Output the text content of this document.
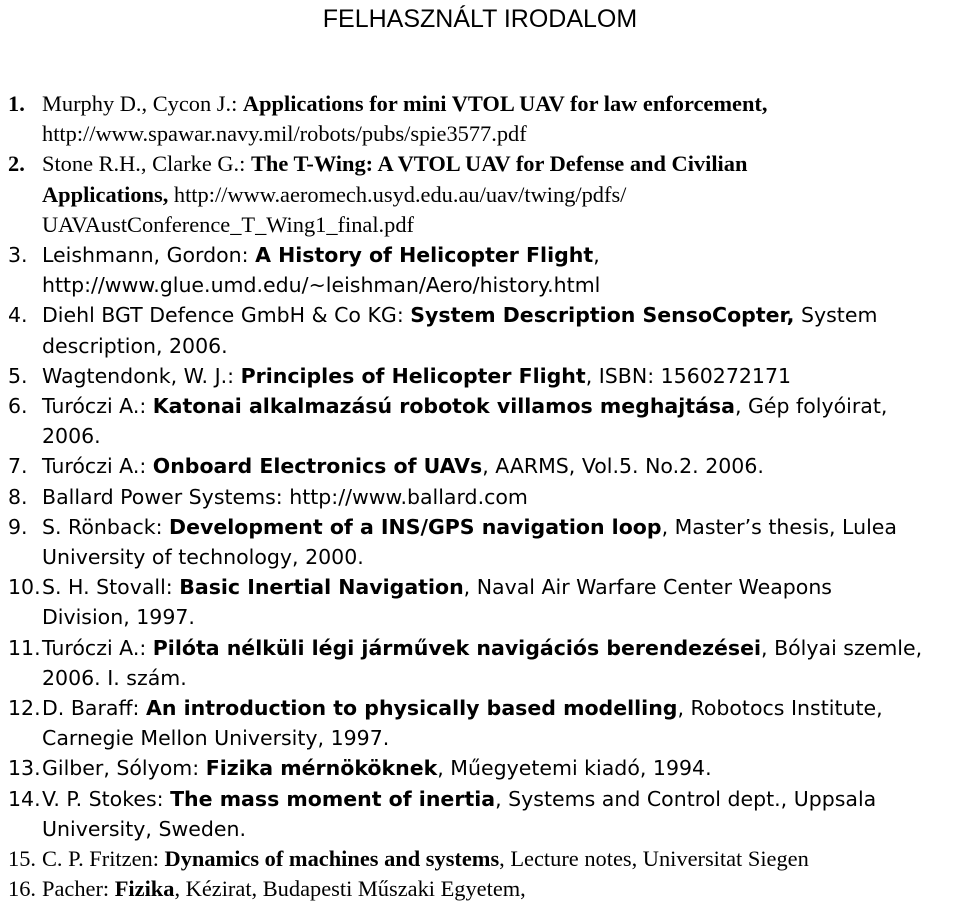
FELHASZNÁLT IRODALOM
1. Murphy D., Cycon J.: Applications for mini VTOL UAV for law enforcement,
http://www.spawar.navy.mil/robots/pubs/spie3577.pdf
2. Stone R.H., Clarke G.: The T-Wing: A VTOL UAV for Defense and Civilian
Applications, http://www.aeromech.usyd.edu.au/uav/twing/pdfs/
UAVAustConference_T_Wing1_final.pdf
3. Leishmann, Gordon: A History of Helicopter Flight,
http://www.glue.umd.edu/~leishman/Aero/history.html
4. Diehl BGT Defence GmbH & Co KG: System Description SensoCopter, System
description, 2006.
5. Wagtendonk, W. J.: Principles of Helicopter Flight, ISBN: 1560272171
6. Turóczi A.: Katonai alkalmazású robotok villamos meghajtása, Gép folyóirat,
2006.
7. Turóczi A.: Onboard Electronics of UAVs, AARMS, Vol.5. No.2. 2006.
8. Ballard Power Systems: http://www.ballard.com
9. S. Rönback: Development of a INS/GPS navigation loop, Master’s thesis, Lulea
University of technology, 2000.
10. S. H. Stovall: Basic Inertial Navigation, Naval Air Warfare Center Weapons
Division, 1997.
11. Turóczi A.: Pilóta nélküli légi járművek navigációs berendezései, Bólyai szemle,
2006. I. szám.
12. D. Baraff: An introduction to physically based modelling, Robotocs Institute,
Carnegie Mellon University, 1997.
13. Gilber, Sólyom: Fizika mérnököknek, Műegyetemi kiadó, 1994.
14. V. P. Stokes: The mass moment of inertia, Systems and Control dept., Uppsala
University, Sweden.
15. C. P. Fritzen: Dynamics of machines and systems, Lecture notes, Universitat Siegen
16. Pacher: Fizika, Kézirat, Budapesti Műszaki Egyetem,
